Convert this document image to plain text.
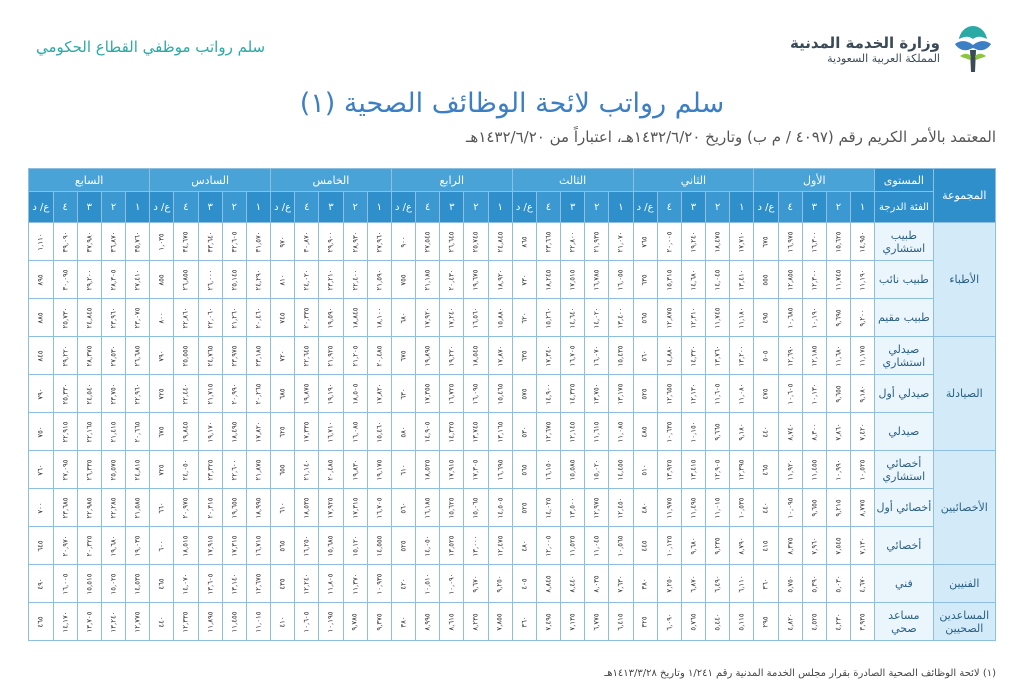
وزارة الخدمة المدنية
المملكة العربية السعودية
سلم رواتب موظفي القطاع الحكومي
سلم رواتب لائحة الوظائف الصحية (١)
المعتمد بالأمر الكريم رقم (٤٠٩٧ / م ب) وتاريخ ١٤٣٢/٦/٢٠هـ، اعتباراً من ١٤٣٢/٦/٢٠هـ
المجموعة	المستوى	الأول					الثاني					الثالث					الرابع					الخامس					السادس					السابع				
	الفئة الدرجة	١	٢	٣	٤	ع/ د	١	٢	٣	٤	ع/ د	١	٢	٣	٤	ع/ د	١	٢	٣	٤	ع/ د	١	٢	٣	٤	ع/ د	١	٢	٣	٤	ع/ د	١	٢	٣	٤	ع/ د
الأطباء	طبيب استشاري	١٤,٩٥٠	١٥,٦٢٥	١٦,٣٠٠	١٦,٩٧٥	٦٧٥	١٧,٧١٠	١٨,٤٧٥	١٩,٢٤٠	٢٠,٠٠٥	٧٦٥	٢١,٠٧٠	٢١,٩٣٥	٢٢,٨٠٠	٢٣,٦٦٥	٨٦٥	٢٤,٨٤٥	٢٥,٧٤٥	٢٦,٦٤٥	٢٧,٥٤٥	٩٠٠	٢٧,٩٦٠	٢٨,٩٣٠	٢٩,٩٠٠	٣٠,٨٧٠	٩٧٠	٣١,٥٧٠	٣٢,٦٠٥	٣٣,٦٤٠	٣٤,٦٧٥	١,٠٣٥	٣٥,٧٦٠	٣٦,٨٧٠	٣٧,٩٨٠	٣٩,٠٩٠	١,١١٠
	طبيب نائب	١١,١٩٠	١١,٧٤٥	١٢,٣٠٠	١٢,٨٥٥	٥٥٥	١٣,٤١٠	١٤,٠٤٥	١٤,٦٨٠	١٥,٣١٥	٦٣٥	١٦,٠٥٥	١٦,٧٨٥	١٧,٥١٥	١٨,٢٤٥	٧٣٠	١٨,٩٢٠	١٩,٦٧٥	٢٠,٤٣٠	٢١,١٨٥	٧٥٥	٢١,٥٩٠	٢٢,٤٠٠	٢٣,٢١٠	٢٤,٠٢٠	٨١٠	٢٤,٢٩٠	٢٥,١٤٥	٢٦,٠٠٠	٢٦,٨٥٥	٨٥٥	٢٧,٤١٠	٢٨,٣٠٥	٢٩,٢٠٠	٣٠,٠٩٥	٨٩٥
	طبيب مقيم	٩,٢٠٠	٩,٦٩٥	١٠,١٩٠	١٠,٦٨٥	٤٩٥	١١,١٨٠	١١,٧٤٥	١٢,٣١٠	١٢,٨٧٥	٥٦٥	١٣,٤٠٠	١٤,٠٢٠	١٤,٦٤٠	١٥,٢٦٠	٦٢٠	١٥,٨٨٠	١٦,٥٦٠	١٧,٢٤٠	١٧,٩٢٠	٦٨٠	١٨,١٠٠	١٨,٨٤٥	١٩,٥٩٠	٢٠,٣٣٥	٧٤٥	٢٠,٤٦٠	٢١,٢٦٠	٢٢,٠٦٠	٢٢,٨٦٠	٨٠٠	٢٣,٠٧٥	٢٣,٩٦٠	٢٤,٨٤٥	٢٥,٧٣٠	٨٨٥
الصيادلة	صيدلي استشاري	١١,١٧٥	١١,٦٨٠	١٢,١٨٥	١٢,٦٩٠	٥٠٥	١٣,٢٠٠	١٣,٧٦٠	١٤,٣٢٠	١٤,٨٨٠	٥٦٠	١٥,٤٣٥	١٦,٠٧٠	١٦,٧٠٥	١٧,٣٤٠	٦٣٥	١٧,٨٧٠	١٨,٥٤٥	١٩,٢٢٠	١٩,٨٩٥	٦٧٥	٢٠,٤٨٥	٢١,٢٠٥	٢١,٩٢٥	٢٢,٦٤٥	٧٢٠	٢٣,١٨٥	٢٣,٩٧٥	٢٤,٧٦٥	٢٥,٥٥٥	٧٩٠	٢٦,٦٨٥	٢٧,٥٣٠	٢٨,٣٧٥	٢٩,٢٢٠	٨٤٥
	صيدلي أول	٩,١٨٠	٩,٦٥٥	١٠,١٣٠	١٠,٦٠٥	٤٧٥	١١,٠٨٠	١١,٦٠٥	١٢,١٣٠	١٢,٦٥٥	٥٢٥	١٣,١٧٥	١٣,٧٥٠	١٤,٣٢٥	١٤,٩٠٠	٥٧٥	١٥,٤٦٥	١٦,٠٩٥	١٦,٧٢٥	١٧,٣٥٥	٦٣٠	١٧,٨٢٠	١٨,٥٠٥	١٩,١٩٠	١٩,٨٧٥	٦٨٥	٢٠,٢٦٥	٢٠,٩٩٠	٢١,٧١٥	٢٢,٤٤٠	٧٢٥	٢٢,٩٦٠	٢٣,٧٥٠	٢٤,٥٤٠	٢٥,٣٣٠	٧٩٠
	صيدلي	٧,٤٢٠	٧,٨٦٠	٨,٣٠٠	٨,٧٤٠	٤٤٠	٩,١٨٠	٩,٦٦٥	١٠,١٥٠	١٠,٦٣٥	٤٨٥	١١,٠٨٥	١١,٦١٥	١٢,١٤٥	١٢,٦٧٥	٥٣٠	١٣,١٦٥	١٣,٧٤٥	١٤,٣٢٥	١٤,٩٠٥	٥٨٠	١٥,٤٦٠	١٦,٠٨٥	١٦,٧١٠	١٧,٣٣٥	٦٢٥	١٧,٨٢٠	١٨,٤٩٥	١٩,١٧٠	١٩,٨٤٥	٦٧٥	٢٠,٦٦٥	٢١,٤١٥	٢٢,١٦٥	٢٢,٩١٥	٧٥٠
الأخصائيين	أخصائي استشاري	١٠,٥٢٥	١٠,٩٩٠	١١,٤٥٥	١١,٩٢٠	٤٦٥	١٢,٣٩٥	١٢,٩٠٥	١٣,٤١٥	١٣,٩٢٥	٥١٠	١٤,٤٥٥	١٥,٠٢٠	١٥,٥٨٥	١٦,١٥٠	٥٦٥	١٦,٦٩٥	١٧,٣٠٥	١٧,٩١٥	١٨,٥٢٥	٦١٠	١٩,١٧٥	١٩,٨٣٠	٢٠,٤٨٥	٢١,١٤٠	٦٥٥	٢١,٨٧٥	٢٢,٦٠٠	٢٣,٣٢٥	٢٤,٠٥٠	٧٢٥	٢٤,٨١٥	٢٥,٥٧٥	٢٦,٣٣٥	٢٧,٠٩٥	٧٦٠
	أخصائي أول	٨,٧٧٥	٩,٢١٥	٩,٦٥٥	١٠,٠٩٥	٤٤٠	١٠,٥٣٥	١١,٠١٥	١١,٤٩٥	١١,٩٧٥	٤٨٠	١٢,٤٥٠	١٢,٩٧٥	١٣,٥٠٠	١٤,٠٢٥	٥٢٥	١٤,٥٠٥	١٥,٠٦٥	١٥,٦٢٥	١٦,١٨٥	٥٦٠	١٦,٧٠٥	١٧,٣١٥	١٧,٩٢٥	١٨,٥٣٥	٦١٠	١٨,٩٩٥	١٩,٦٥٥	٢٠,٣١٥	٢٠,٩٧٥	٦٦٠	٢١,٥٨٥	٢٢,٢٨٥	٢٢,٩٨٥	٢٣,٦٨٥	٧٠٠
	أخصائي	٧,١٣٠	٧,٥٤٥	٧,٩٦٠	٨,٣٧٥	٤١٥	٨,٧٩٠	٩,٢٣٥	٩,٦٨٠	١٠,١٢٥	٤٤٥	١٠,٥٦٥	١١,٠٤٥	١١,٥٢٥	١٢,٠٠٥	٤٨٠	١٢,٤٧٥	١٣,٠٠٠	١٣,٥٢٥	١٤,٠٥٠	٥٢٥	١٤,٥٥٥	١٥,١٢٠	١٥,٦٨٥	١٦,٢٥٠	٥٦٥	١٦,٧١٥	١٧,٣١٥	١٧,٩١٥	١٨,٥١٥	٦٠٠	١٩,٠٣٥	١٩,٦٨٠	٢٠,٣٢٥	٢٠,٩٧٠	٦٤٥
الفنيين	فني	٤,٦٧٠	٥,٠٣٠	٥,٣٩٠	٥,٧٥٠	٣٦٠	٦,١١٠	٦,٤٩٠	٦,٨٧٠	٧,٢٥٠	٣٨٠	٧,٦٣٠	٨,٠٣٥	٨,٤٤٠	٨,٨٤٥	٤٠٥	٩,٢٥٠	٩,٦٧٠	١٠,٠٩٠	١٠,٥١٠	٤٢٠	١٠,٩٣٥	١١,٣٧٠	١١,٨٠٥	١٢,٢٤٠	٤٣٥	١٢,٦٧٥	١٣,١٤٠	١٣,٦٠٥	١٤,٠٧٠	٤٦٥	١٤,٥٣٥	١٥,٠٢٥	١٥,٥١٥	١٦,٠٠٥	٤٩٠
المساعدين الصحيين	مساعد صحي	٣,٩٣٥	٤,٢٣٠	٤,٥٢٥	٤,٨٢٠	٢٩٥	٥,١١٥	٥,٤٤٠	٥,٧٦٥	٦,٠٩٠	٣٢٥	٦,٤١٥	٦,٧٧٥	٧,١٣٥	٧,٤٩٥	٣٦٠	٧,٨٥٥	٨,٢٣٥	٨,٦١٥	٨,٩٩٥	٣٨٠	٩,٣٧٥	٩,٧٨٥	١٠,١٩٥	١٠,٦٠٥	٤١٠	١١,٠١٥	١١,٤٥٥	١١,٨٩٥	١٢,٣٣٥	٤٤٠	١٢,٧٧٥	١٣,٢٤٠	١٣,٧٠٥	١٤,١٧٠	٤٦٥
(١) لائحة الوظائف الصحية الصادرة بقرار مجلس الخدمة المدنية رقم ١/٢٤١ وتاريخ ١٤١٣/٣/٢٨هـ
